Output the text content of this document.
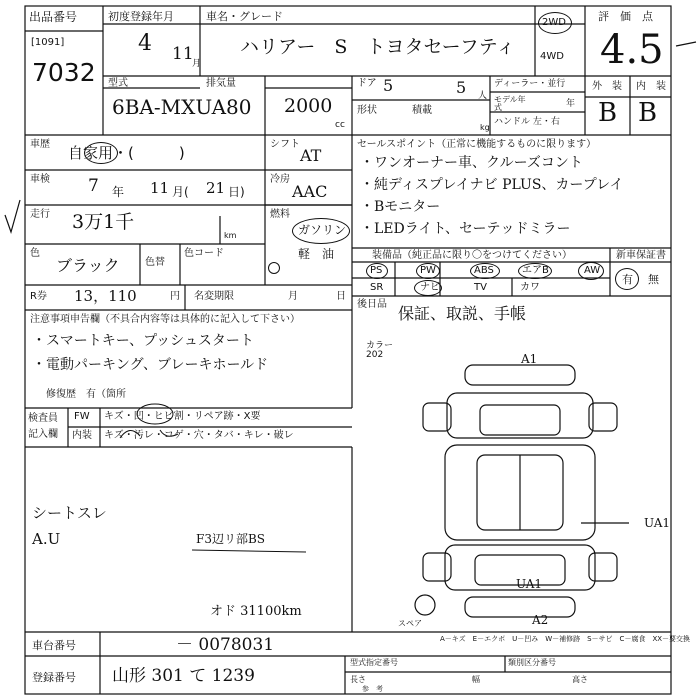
出品番号
[1091]
7032
初度登録年月
4 11
月
車名・グレード
ハリアー　S　トヨタセーフティ
2WD
4WD
評　価　点
4.5
型式
6BA-MXUA80
排気量
2000
cc
ドア 5	5 人
形状	積載
kg
ディーラー・並行
モデル年式	年
ハンドル 左・右
外　装 内　装
B B
車歴 自家用・(　　　)
車検 7 年 11 月( 21 日)
走行 3万1千
km
色
ブラック	色替
色コード
シフト
AT
冷房
AAC
燃料
ガソリン
軽　油
R券 13，110	円 名変期限	月	日
セールスポイント（正常に機能するものに限ります）
・ワンオーナー車、クルーズコント
・純ディスプレイナビ PLUS、カープレイ
・Bモニター
・LEDライト、セーテッドミラー
装備品（純正品に限り〇をつけてください）
PS	PW	ABS	エアB	AW
SR	ナビ	TV	カワ
新車保証書
有 無
後日品 保証、取説、手帳
注意事項申告欄（不具合内容等は具体的に記入して下さい）
・スマートキー、プッシュスタート
・電動パーキング、ブレーキホールド
修復歴　有（箇所
カラー
202
検査員
記入欄
FW キズ・凹・ヒビ割・リペア跡・X要
内装 キズ・汚レ・コゲ・穴・タバ・キレ・破レ
シートスレ
A.U	F3辺リ部BS
オド 31100km
A1
UA1
UA1
A2
スペア
A－キズ　E－エクボ　U－凹み　W－補修跡　S－サビ　C－腐食　XX－要交換
車台番号	－ 0078031
登録番号 山形 301 て 1239
型式指定番号	類別区分番号
参　考
長さ	幅	高さ
